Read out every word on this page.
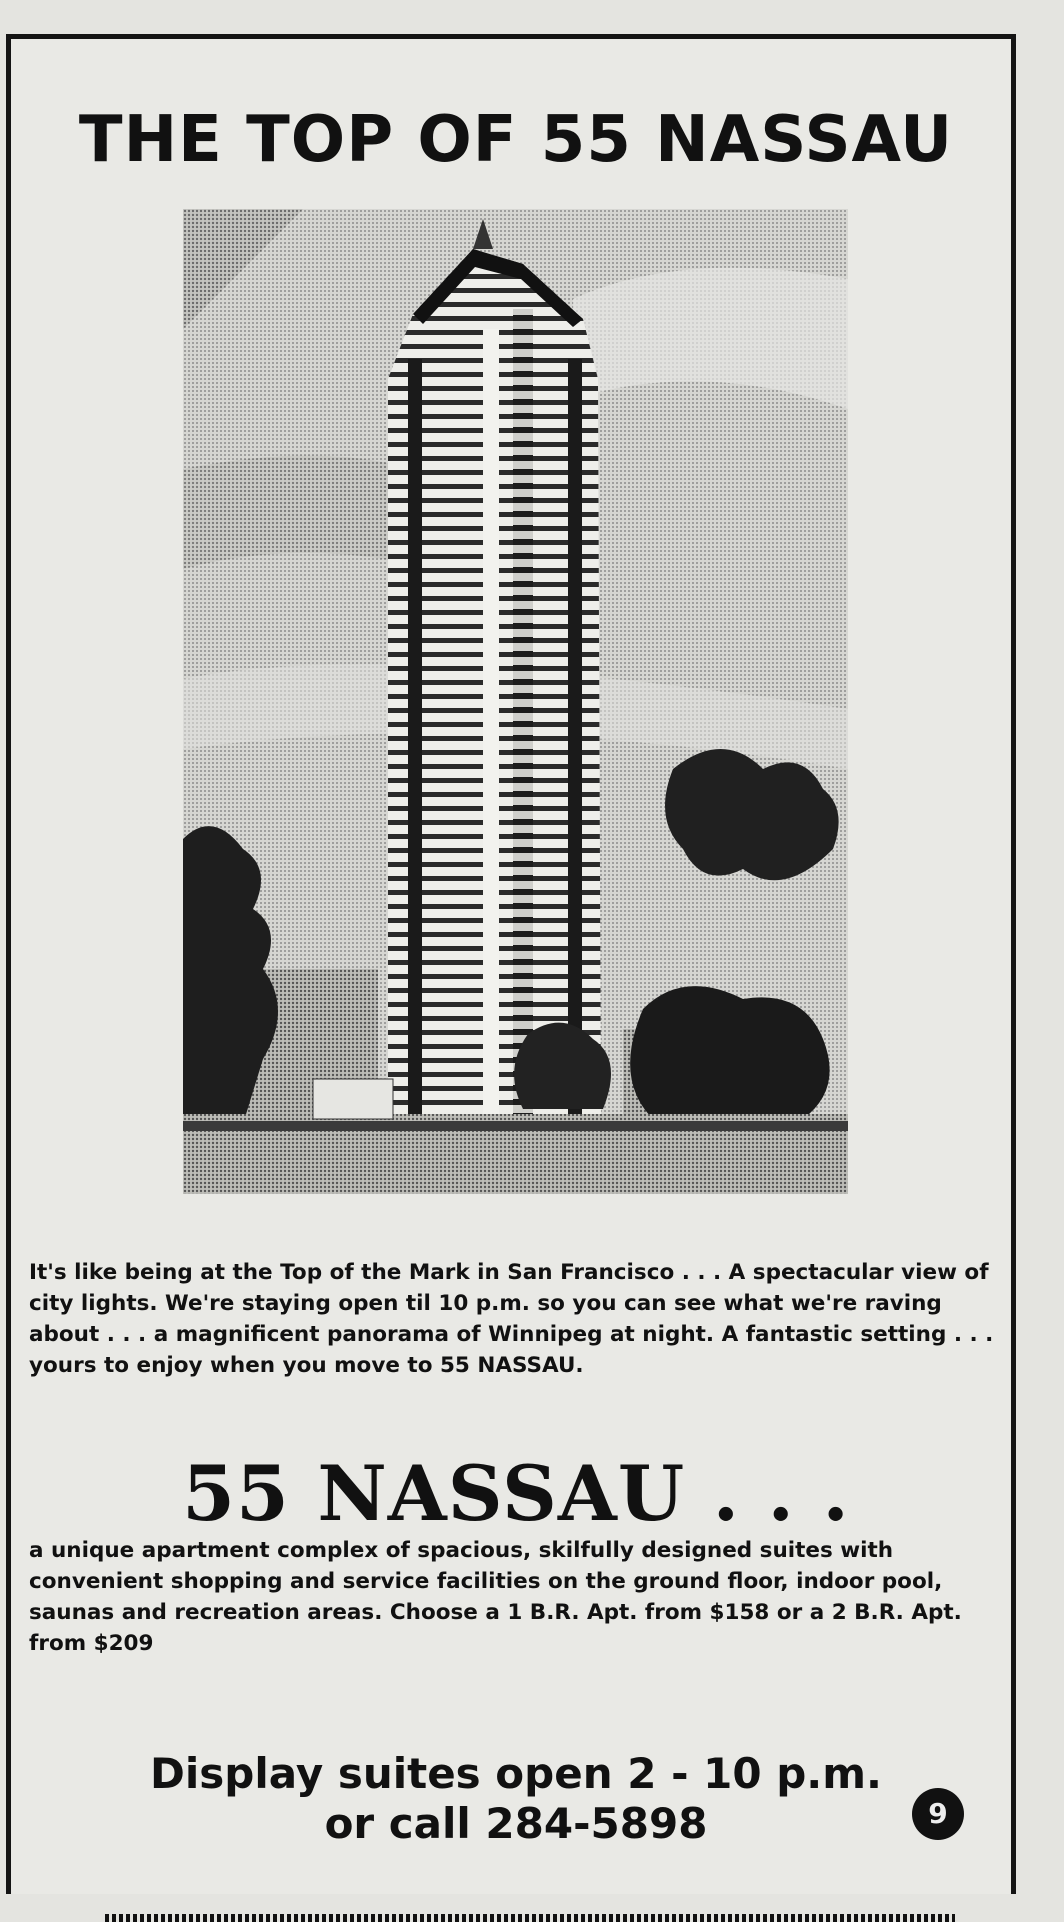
THE TOP OF 55 NASSAU
It's like being at the Top of the Mark in San Francisco . . . A spectacular view of city lights. We're staying open til 10 p.m. so you can see what we're raving about . . . a magnificent panorama of Winnipeg at night. A fantastic setting . . . yours to enjoy when you move to 55 NASSAU.
55 NASSAU . . .
a unique apartment complex of spacious, skilfully designed suites with convenient shopping and service facilities on the ground floor, indoor pool, saunas and recreation areas. Choose a 1 B.R. Apt. from $158 or a 2 B.R. Apt. from $209
Display suites open 2 - 10 p.m.
or call 284-5898	9
